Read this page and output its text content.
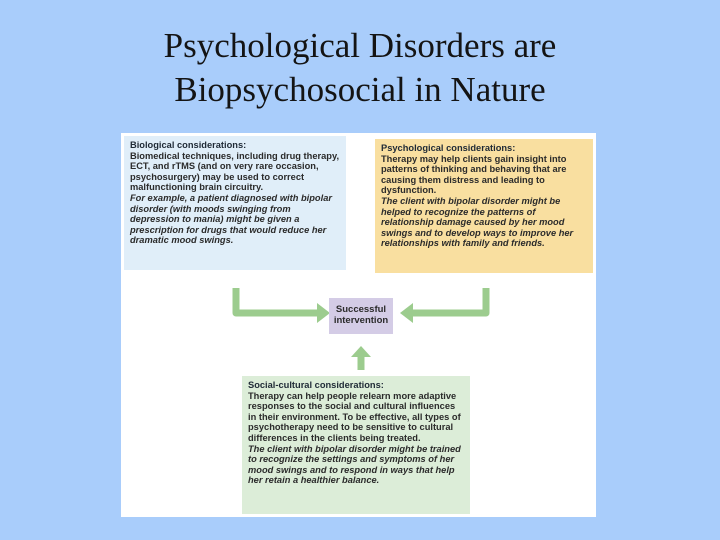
Psychological Disorders are
Biopsychosocial in Nature
Biological considerations:
Biomedical techniques, including drug therapy, ECT, and rTMS (and on very rare occasion, psychosurgery) may be used to correct malfunctioning brain circuitry.
For example, a patient diagnosed with bipolar disorder (with moods swinging from depression to mania) might be given a prescription for drugs that would reduce her dramatic mood swings.
Psychological considerations:
Therapy may help clients gain insight into patterns of thinking and behaving that are causing them distress and leading to dysfunction.
The client with bipolar disorder might be helped to recognize the patterns of relationship damage caused by her mood swings and to develop ways to improve her relationships with family and friends.
Successful
intervention
Social-cultural considerations:
Therapy can help people relearn more adaptive responses to the social and cultural influences in their environment. To be effective, all types of psychotherapy need to be sensitive to cultural differences in the clients being treated.
The client with bipolar disorder might be trained to recognize the settings and symptoms of her mood swings and to respond in ways that help her retain a healthier balance.
